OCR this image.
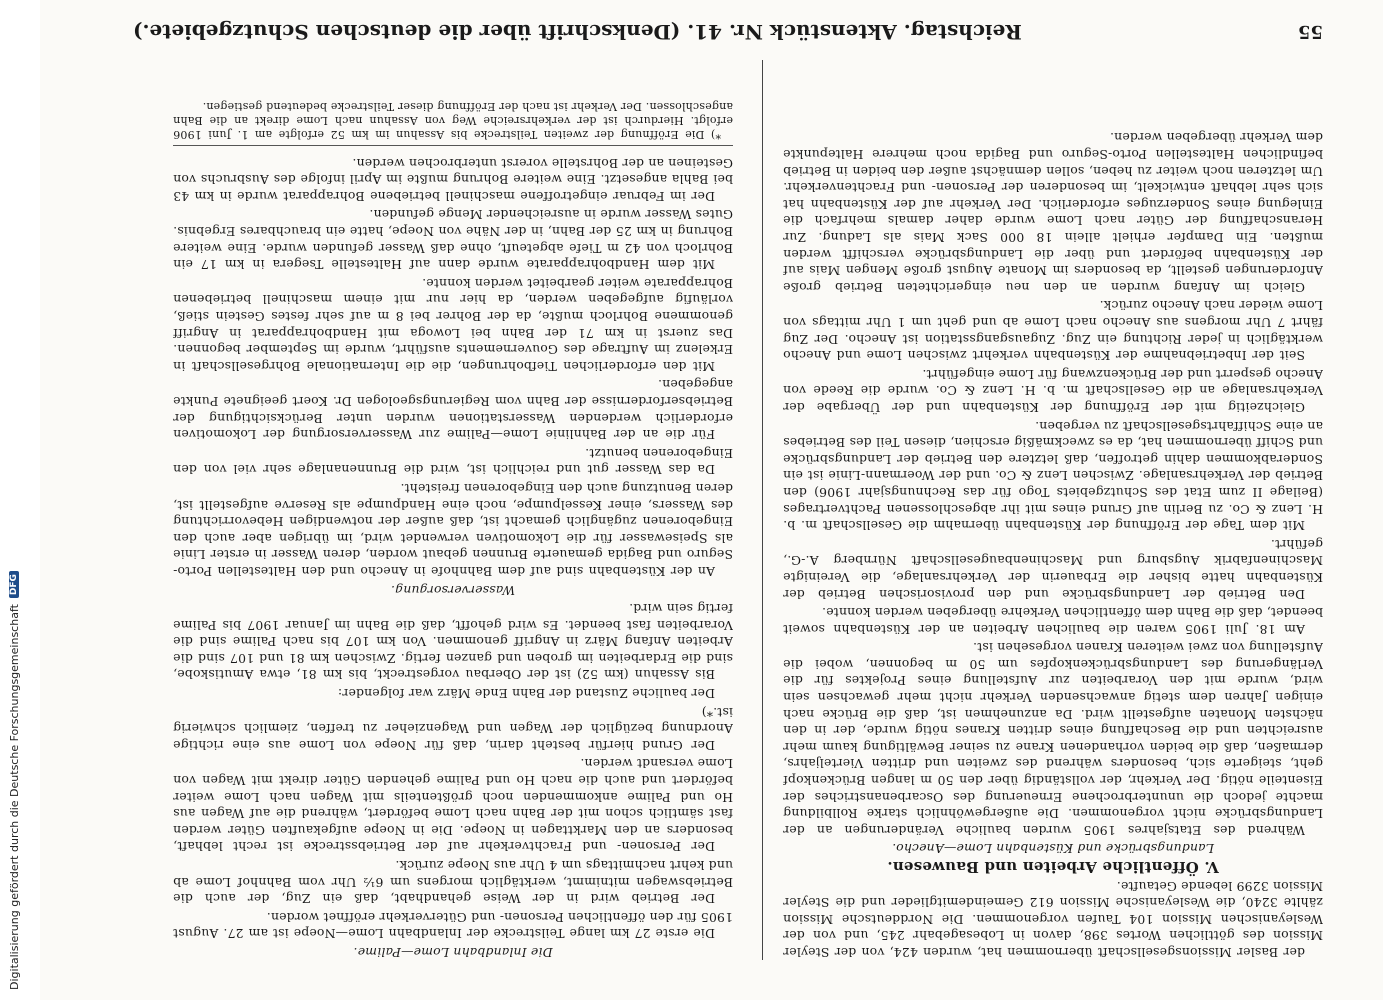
Digitalisierung gefördert durch die Deutsche Forschungsgemeinschaft
DFG
55
Reichstag. Aktenstück Nr. 41. (Denkschrift über die deutschen Schutzgebiete.)

der Basler Missionsgesellschaft übernommen hat, wurden 424, von der Steyler Mission des göttlichen Wortes 398, davon in Lobesagebahr 245, und von der Wesleyanischen Mission 104 Taufen vorgenommen. Die Norddeutsche Mission zählte 3240, die Wesleyanische Mission 612 Gemeindemitglieder und die Steyler Mission 3299 lebende Getaufte.

V. Öffentliche Arbeiten und Bauwesen.

Landungsbrücke und Küstenbahn Lome—Anecho.

Während des Etatsjahres 1905 wurden bauliche Veränderungen an der Landungsbrücke nicht vorgenommen. Die außergewöhnlich starke Rollbildung machte jedoch die ununterbrochene Erneuerung des Oscarbenanstriches der Eisenteile nötig. Der Verkehr, der vollständig über den 50 m langen Brückenkopf geht, steigerte sich, besonders während des zweiten und dritten Vierteljahrs, dermaßen, daß die beiden vorhandenen Krane zu seiner Bewältigung kaum mehr ausreichten und die Beschaffung eines dritten Kranes nötig wurde, der in den nächsten Monaten aufgestellt wird. Da anzunehmen ist, daß die Brücke nach einigen Jahren dem stetig anwachsenden Verkehr nicht mehr gewachsen sein wird, wurde mit den Vorarbeiten zur Aufstellung eines Projektes für die Verlängerung des Landungsbrückenkopfes um 50 m begonnen, wobei die Aufstellung von zwei weiteren Kranen vorgesehen ist.

Am 18. Juli 1905 waren die baulichen Arbeiten an der Küstenbahn soweit beendet, daß die Bahn dem öffentlichen Verkehre übergeben werden konnte.

Den Betrieb der Landungsbrücke und den provisorischen Betrieb der Küstenbahn hatte bisher die Erbauerin der Verkehrsanlage, die Vereinigte Maschinenfabrik Augsburg und Maschinenbaugesellschaft Nürnberg A.-G., geführt.

Mit dem Tage der Eröffnung der Küstenbahn übernahm die Gesellschaft m. b. H. Lenz & Co. zu Berlin auf Grund eines mit ihr abgeschlossenen Pachtvertrages (Beilage II zum Etat des Schutzgebiets Togo für das Rechnungsjahr 1906) den Betrieb der Verkehrsanlage. Zwischen Lenz & Co. und der Woermann-Linie ist ein Sonderabkommen dahin getroffen, daß letztere den Betrieb der Landungsbrücke und Schiff übernommen hat, da es zweckmäßig erschien, diesen Teil des Betriebes an eine Schiffahrtsgesellschaft zu vergeben.

Gleichzeitig mit der Eröffnung der Küstenbahn und der Übergabe der Verkehrsanlage an die Gesellschaft m. b. H. Lenz & Co. wurde die Reede von Anecho gesperrt und der Brückenzwang für Lome eingeführt.

Seit der Inbetriebnahme der Küstenbahn verkehrt zwischen Lome und Anecho werktäglich in jeder Richtung ein Zug. Zugausgangsstation ist Anecho. Der Zug fährt 7 Uhr morgens aus Anecho nach Lome ab und geht um 1 Uhr mittags von Lome wieder nach Anecho zurück.

Gleich im Anfang wurden an den neu eingerichteten Betrieb große Anforderungen gestellt, da besonders im Monate August große Mengen Mais auf der Küstenbahn befördert und über die Landungsbrücke verschifft werden mußten. Ein Dampfer erhielt allein 18 000 Sack Mais als Ladung. Zur Heranschaffung der Güter nach Lome wurde daher damals mehrfach die Einlegung eines Sonderzuges erforderlich. Der Verkehr auf der Küstenbahn hat sich sehr lebhaft entwickelt, im besonderen der Personen- und Frachtenverkehr. Um letzteren noch weiter zu heben, sollen demnächst außer den beiden in Betrieb befindlichen Haltestellen Porto-Seguro und Bagida noch mehrere Haltepunkte dem Verkehr übergeben werden.

Die Inlandbahn Lome—Palime.

Die erste 27 km lange Teilstrecke der Inlandbahn Lome—Noepe ist am 27. August 1905 für den öffentlichen Personen- und Güterverkehr eröffnet worden.

Der Betrieb wird in der Weise gehandhabt, daß ein Zug, der auch die Betriebswagen mitnimmt, werktäglich morgens um 6½ Uhr vom Bahnhof Lome ab und kehrt nachmittags um 4 Uhr aus Noepe zurück.

Der Personen- und Frachtverkehr auf der Betriebsstrecke ist recht lebhaft, besonders an den Markttagen in Noepe. Die in Noepe aufgekauften Güter werden fast sämtlich schon mit der Bahn nach Lome befördert, während die auf Wagen aus Ho und Palime ankommenden noch größtenteils mit Wagen nach Lome weiter befördert und auch die nach Ho und Palime gehenden Güter direkt mit Wagen von Lome versandt werden.

Der Grund hierfür besteht darin, daß für Noepe von Lome aus eine richtige Anordnung bezüglich der Wagen und Wagenzieher zu treffen, ziemlich schwierig ist.*)

Der bauliche Zustand der Bahn Ende März war folgender:

Bis Assahun (km 52) ist der Oberbau vorgestreckt, bis km 81, etwa Amutiskobe, sind die Erdarbeiten im groben und ganzen fertig. Zwischen km 81 und 107 sind die Arbeiten Anfang März in Angriff genommen. Von km 107 bis nach Palime sind die Vorarbeiten fast beendet. Es wird gehofft, daß die Bahn im Januar 1907 bis Palime fertig sein wird.

Wasserversorgung.

An der Küstenbahn sind auf dem Bahnhofe in Anecho und den Haltestellen Porto-Seguro und Bagida gemauerte Brunnen gebaut worden, deren Wasser in erster Linie als Speisewasser für die Lokomotiven verwendet wird, im übrigen aber auch den Eingeborenen zugänglich gemacht ist, daß außer der notwendigen Hebevorrichtung des Wassers, einer Kesselpumpe, noch eine Handpumpe als Reserve aufgestellt ist, deren Benutzung auch den Eingeborenen freisteht.

Da das Wasser gut und reichlich ist, wird die Brunnenanlage sehr viel von den Eingeborenen benutzt.

Für die an der Bahnlinie Lome—Palime zur Wasserversorgung der Lokomotiven erforderlich werdenden Wasserstationen wurden unter Berücksichtigung der Betriebserfordernisse der Bahn vom Regierungsgeologen Dr. Koert geeignete Punkte angegeben.

Mit den erforderlichen Tiefbohrungen, die die Internationale Bohrgesellschaft in Erkelenz im Auftrage des Gouvernements ausführt, wurde im September begonnen. Das zuerst in km 71 der Bahn bei Lowoga mit Handbohrapparat in Angriff genommene Bohrloch mußte, da der Bohrer bei 8 m auf sehr festes Gestein stieß, vorläufig aufgegeben werden, da hier nur mit einem maschinell betriebenen Bohrapparate weiter gearbeitet werden konnte.

Mit dem Handbohrapparate wurde dann auf Haltestelle Tsegera in km 17 ein Bohrloch von 42 m Tiefe abgeteuft, ohne daß Wasser gefunden wurde. Eine weitere Bohrung in km 25 der Bahn, in der Nähe von Noepe, hatte ein brauchbares Ergebnis. Gutes Wasser wurde in ausreichender Menge gefunden.

Der im Februar eingetroffene maschinell betriebene Bohrapparat wurde in km 43 bei Bahla angesetzt. Eine weitere Bohrung mußte im April infolge des Ausbruchs von Gesteinen an der Bohrstelle vorerst unterbrochen werden.

*) Die Eröffnung der zweiten Teilstrecke bis Assahun im km 52 erfolgte am 1. Juni 1906 erfolgt. Hierdurch ist der verkehrsreiche Weg von Assahun nach Lome direkt an die Bahn angeschlossen. Der Verkehr ist nach der Eröffnung dieser Teilstrecke bedeutend gestiegen.
